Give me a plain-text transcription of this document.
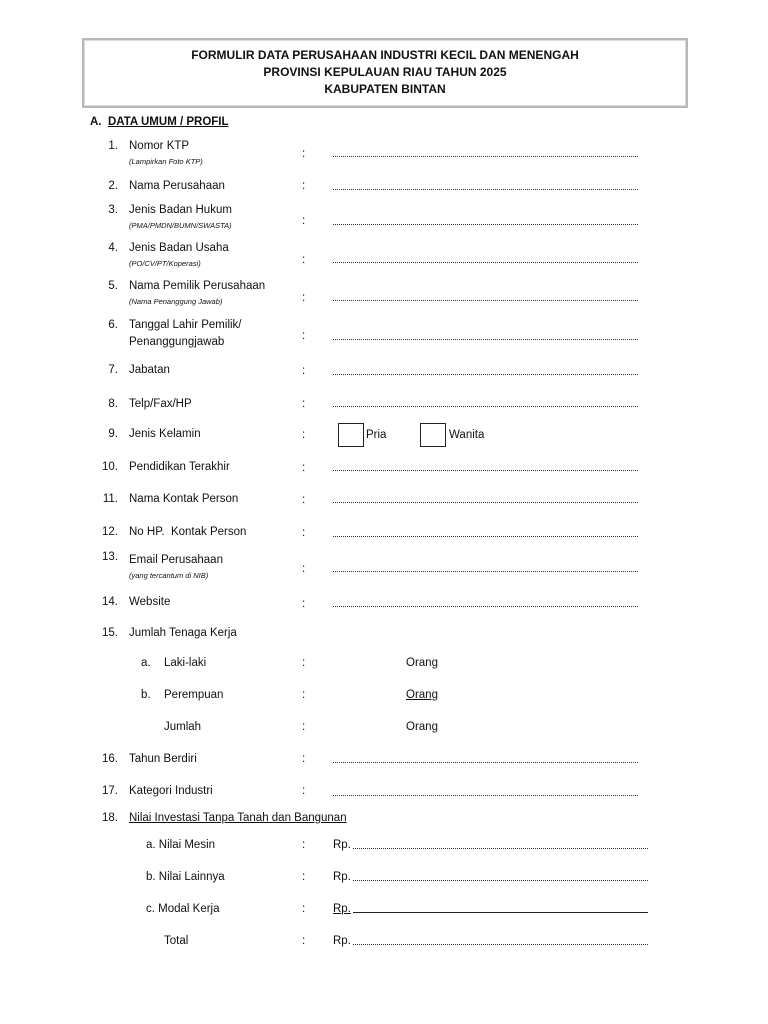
FORMULIR DATA PERUSAHAAN INDUSTRI KECIL DAN MENENGAH
PROVINSI KEPULAUAN RIAU TAHUN 2025
KABUPATEN BINTAN
A. DATA UMUM / PROFIL
1. Nomor KTP
(Lampirkan Foto KTP)
:
2. Nama Perusahaan	:
3. Jenis Badan Hukum
(PMA/PMDN/BUMN/SWASTA)	:
4. Jenis Badan Usaha
(PO/CV/PT/Koperasi)	:
5. Nama Pemilik Perusahaan
(Nama Penanggung Jawab)	:
6. Tanggal Lahir Pemilik/
Penanggungjawab	:
7. Jabatan	:
8. Telp/Fax/HP	:
9. Jenis Kelamin	:	Pria	Wanita
10. Pendidikan Terakhir	:
11. Nama Kontak Person	:
12. No HP.  Kontak Person	:
13. Email Perusahaan
(yang tercantum di NIB)
:
14. Website	:
15. Jumlah Tenaga Kerja
a. Laki-laki	:	Orang
b. Perempuan	:	Orang
Jumlah	:	Orang
16. Tahun Berdiri	:
17. Kategori Industri	:
18. Nilai Investasi Tanpa Tanah dan Bangunan
a. Nilai Mesin	: Rp.
b. Nilai Lainnya	: Rp.
c. Modal Kerja	: Rp.
Total	: Rp.
